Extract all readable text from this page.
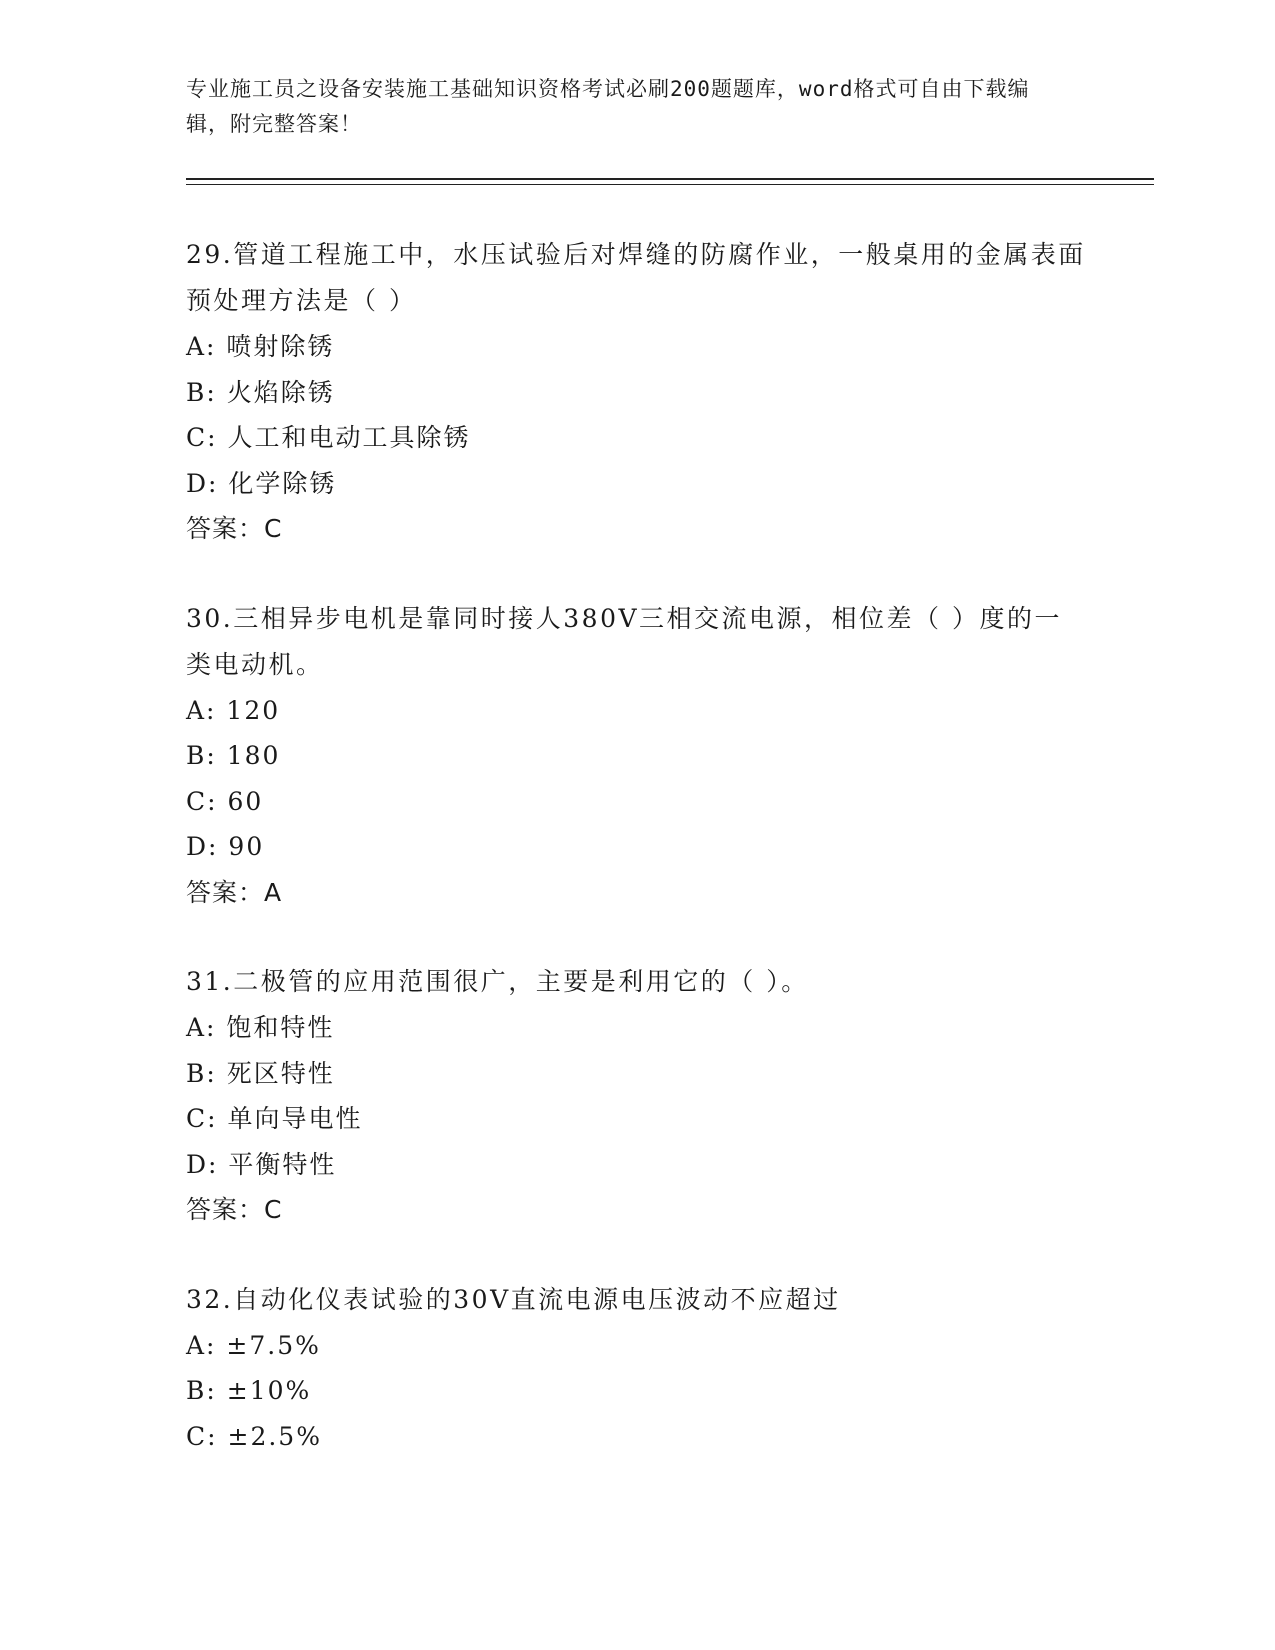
专业施工员之设备安装施工基础知识资格考试必刷200题题库，word格式可自由下载编辑，附完整答案！

29.管道工程施工中，水压试验后对焊缝的防腐作业，一般桌用的金属表面预处理方法是（ ）

A: 喷射除锈
B: 火焰除锈
C: 人工和电动工具除锈
D: 化学除锈
答案：C

30.三相异步电机是靠同时接人380V三相交流电源，相位差（ ）度的一类电动机。

A: 120
B: 180
C: 60
D: 90
答案：A

31.二极管的应用范围很广，主要是利用它的（ ）。

A: 饱和特性
B: 死区特性
C: 单向导电性
D: 平衡特性
答案：C

32.自动化仪表试验的30V直流电源电压波动不应超过

A: ±7.5%
B: ±10%
C: ±2.5%
